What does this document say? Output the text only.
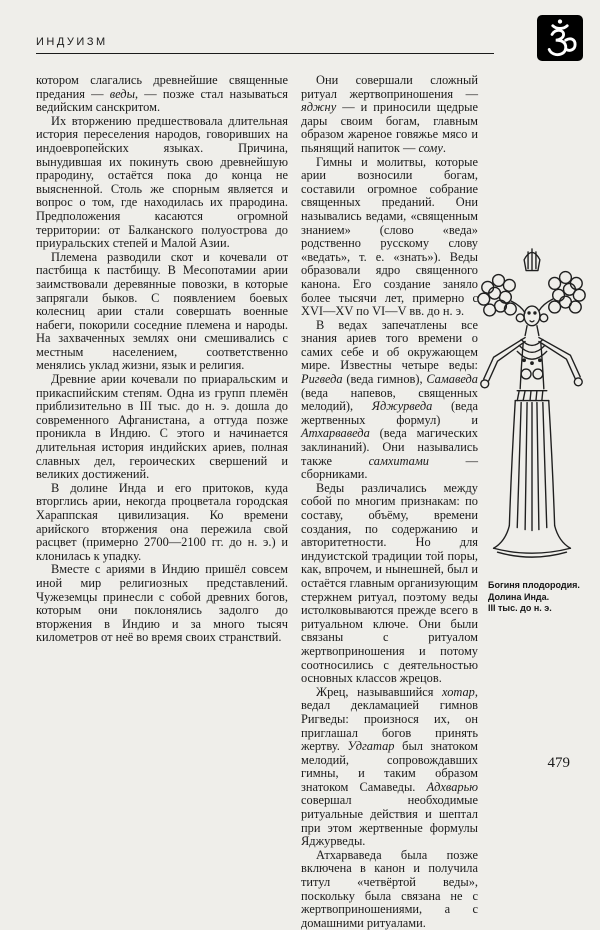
ИНДУИЗМ

котором слагались древнейшие священные предания — веды, — позже стал называться ведийским санскритом.

Их вторжению предшествовала длительная история переселения народов, говоривших на индоевропейских языках. Причина, вынудившая их покинуть свою древнейшую прародину, остаётся пока до конца не выясненной. Столь же спорным является и вопрос о том, где находилась их прародина. Предположения касаются огромной территории: от Балканского полуострова до приуральских степей и Малой Азии.

Племена разводили скот и кочевали от пастбища к пастбищу. В Месопотамии арии заимствовали деревянные повозки, в которые запрягали быков. С появлением боевых колесниц арии стали совершать военные набеги, покорили соседние племена и народы. На захваченных землях они смешивались с местным населением, соответственно менялись уклад жизни, язык и религия.

Древние арии кочевали по приаральским и прикаспийским степям. Одна из групп племён приблизительно в III тыс. до н. э. дошла до современного Афганистана, а оттуда позже проникла в Индию. С этого и начинается длительная история индийских ариев, полная славных дел, героических свершений и великих достижений.

В долине Инда и его притоков, куда вторглись арии, некогда процветала городская Хараппская цивилизация. Ко времени арийского вторжения она пережила свой расцвет (примерно 2700—2100 гг. до н. э.) и клонилась к упадку.

Вместе с ариями в Индию пришёл совсем иной мир религиозных представлений. Чужеземцы принесли с собой древних богов, которым они поклонялись задолго до вторжения в Индию и за много тысяч километров от неё во время своих странствий.

Они совершали сложный ритуал жертвоприношения — яджну — и приносили щедрые дары своим богам, главным образом жареное говяжье мясо и пьянящий напиток — сому.

Гимны и молитвы, которые арии возносили богам, составили огромное собрание священных преданий. Они назывались ведами, «священным знанием» (слово «веда» родственно русскому слову «ведать», т. е. «знать»). Веды образовали ядро священного канона. Его создание заняло более тысячи лет, примерно с XVI—XV по VI—V вв. до н. э.

В ведах запечатлены все знания ариев того времени о самих себе и об окружающем мире. Известны четыре веды: Ригведа (веда гимнов), Самаведа (веда напевов, священных мелодий), Яджурведа (веда жертвенных формул) и Атхарваведа (веда магических заклинаний). Они назывались также самхитами — сборниками.

Веды различались между собой по многим признакам: по составу, объёму, времени создания, по содержанию и авторитетности. Но для индуистской традиции той поры, как, впрочем, и нынешней, был и остаётся главным организующим стержнем ритуал, поэтому веды истолковываются прежде всего в ритуальном ключе. Они были связаны с ритуалом жертвоприношения и потому соотносились с деятельностью основных классов жрецов.

Жрец, называвшийся хотар, ведал декламацией гимнов Ригведы: произнося их, он приглашал богов принять жертву. Удгатар был знатоком мелодий, сопровождавших гимны, и таким образом знатоком Самаведы. Адхварью совершал необходимые ритуальные действия и шептал при этом жертвенные формулы Яджурведы.

Атхарваведа была позже включена в канон и получила титул «четвёртой веды», поскольку была связана не с жертвоприношениями, а с домашними ритуалами.

Богиня плодородия.
Долина Инда.
III тыс. до н. э.
479
